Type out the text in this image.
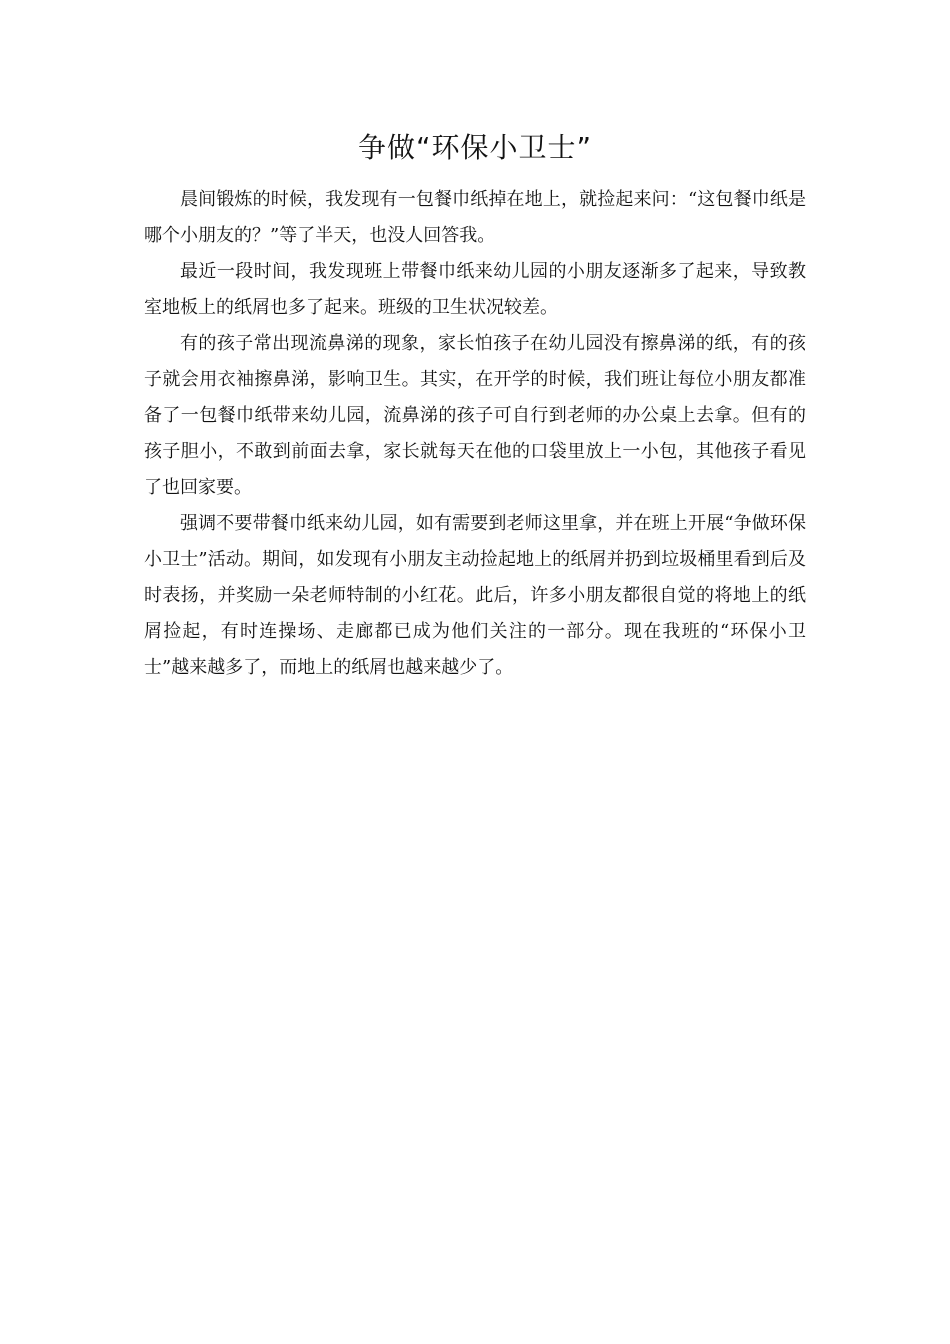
争做“环保小卫士”

晨间锻炼的时候，我发现有一包餐巾纸掉在地上，就捡起来问：“这包餐巾纸是哪个小朋友的？”等了半天，也没人回答我。

最近一段时间，我发现班上带餐巾纸来幼儿园的小朋友逐渐多了起来，导致教室地板上的纸屑也多了起来。班级的卫生状况较差。

有的孩子常出现流鼻涕的现象，家长怕孩子在幼儿园没有擦鼻涕的纸，有的孩子就会用衣袖擦鼻涕，影响卫生。其实，在开学的时候，我们班让每位小朋友都准备了一包餐巾纸带来幼儿园，流鼻涕的孩子可自行到老师的办公桌上去拿。但有的孩子胆小，不敢到前面去拿，家长就每天在他的口袋里放上一小包，其他孩子看见了也回家要。

强调不要带餐巾纸来幼儿园，如有需要到老师这里拿，并在班上开展“争做环保小卫士”活动。期间，如发现有小朋友主动捡起地上的纸屑并扔到垃圾桶里看到后及时表扬，并奖励一朵老师特制的小红花。此后，许多小朋友都很自觉的将地上的纸屑捡起，有时连操场、走廊都已成为他们关注的一部分。现在我班的“环保小卫士”越来越多了，而地上的纸屑也越来越少了。
